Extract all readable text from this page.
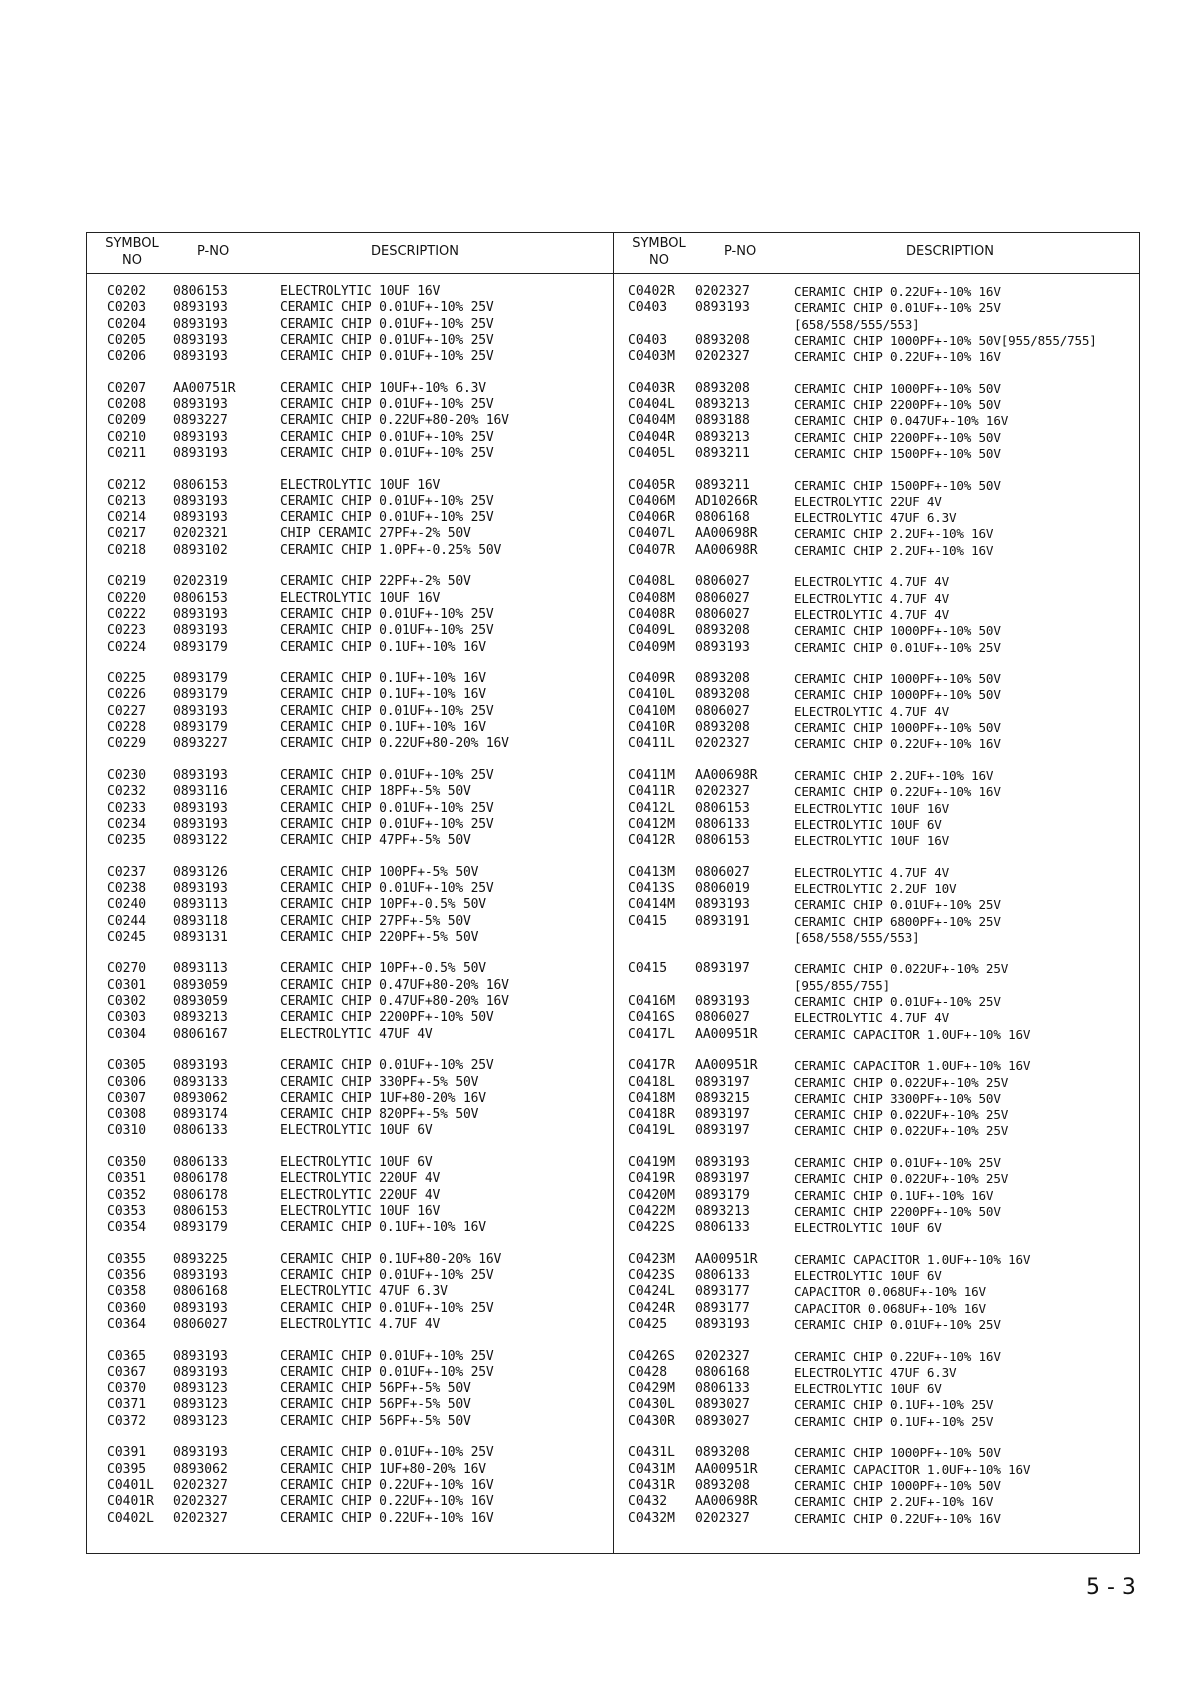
SYMBOL NO
P-NO	DESCRIPTION
C0202 0806153	ELECTROLYTIC 10UF 16V
C0203 0893193	CERAMIC CHIP 0.01UF+-10% 25V
C0204 0893193	CERAMIC CHIP 0.01UF+-10% 25V
C0205 0893193	CERAMIC CHIP 0.01UF+-10% 25V
C0206 0893193	CERAMIC CHIP 0.01UF+-10% 25V
C0207 AA00751R	CERAMIC CHIP 10UF+-10% 6.3V
C0208 0893193	CERAMIC CHIP 0.01UF+-10% 25V
C0209 0893227	CERAMIC CHIP 0.22UF+80-20% 16V
C0210 0893193	CERAMIC CHIP 0.01UF+-10% 25V
C0211 0893193	CERAMIC CHIP 0.01UF+-10% 25V
C0212 0806153	ELECTROLYTIC 10UF 16V
C0213 0893193	CERAMIC CHIP 0.01UF+-10% 25V
C0214 0893193	CERAMIC CHIP 0.01UF+-10% 25V
C0217 0202321	CHIP CERAMIC 27PF+-2% 50V
C0218 0893102	CERAMIC CHIP 1.0PF+-0.25% 50V
C0219 0202319	CERAMIC CHIP 22PF+-2% 50V
C0220 0806153	ELECTROLYTIC 10UF 16V
C0222 0893193	CERAMIC CHIP 0.01UF+-10% 25V
C0223 0893193	CERAMIC CHIP 0.01UF+-10% 25V
C0224 0893179	CERAMIC CHIP 0.1UF+-10% 16V
C0225 0893179	CERAMIC CHIP 0.1UF+-10% 16V
C0226 0893179	CERAMIC CHIP 0.1UF+-10% 16V
C0227 0893193	CERAMIC CHIP 0.01UF+-10% 25V
C0228 0893179	CERAMIC CHIP 0.1UF+-10% 16V
C0229 0893227	CERAMIC CHIP 0.22UF+80-20% 16V
C0230 0893193	CERAMIC CHIP 0.01UF+-10% 25V
C0232 0893116	CERAMIC CHIP 18PF+-5% 50V
C0233 0893193	CERAMIC CHIP 0.01UF+-10% 25V
C0234 0893193	CERAMIC CHIP 0.01UF+-10% 25V
C0235 0893122	CERAMIC CHIP 47PF+-5% 50V
C0237 0893126	CERAMIC CHIP 100PF+-5% 50V
C0238 0893193	CERAMIC CHIP 0.01UF+-10% 25V
C0240 0893113	CERAMIC CHIP 10PF+-0.5% 50V
C0244 0893118	CERAMIC CHIP 27PF+-5% 50V
C0245 0893131	CERAMIC CHIP 220PF+-5% 50V
C0270 0893113	CERAMIC CHIP 10PF+-0.5% 50V
C0301 0893059	CERAMIC CHIP 0.47UF+80-20% 16V
C0302 0893059	CERAMIC CHIP 0.47UF+80-20% 16V
C0303 0893213	CERAMIC CHIP 2200PF+-10% 50V
C0304 0806167	ELECTROLYTIC 47UF 4V
C0305 0893193	CERAMIC CHIP 0.01UF+-10% 25V
C0306 0893133	CERAMIC CHIP 330PF+-5% 50V
C0307 0893062	CERAMIC CHIP 1UF+80-20% 16V
C0308 0893174	CERAMIC CHIP 820PF+-5% 50V
C0310 0806133	ELECTROLYTIC 10UF 6V
C0350 0806133	ELECTROLYTIC 10UF 6V
C0351 0806178	ELECTROLYTIC 220UF 4V
C0352 0806178	ELECTROLYTIC 220UF 4V
C0353 0806153	ELECTROLYTIC 10UF 16V
C0354 0893179	CERAMIC CHIP 0.1UF+-10% 16V
C0355 0893225	CERAMIC CHIP 0.1UF+80-20% 16V
C0356 0893193	CERAMIC CHIP 0.01UF+-10% 25V
C0358 0806168	ELECTROLYTIC 47UF 6.3V
C0360 0893193	CERAMIC CHIP 0.01UF+-10% 25V
C0364 0806027	ELECTROLYTIC 4.7UF 4V
C0365 0893193	CERAMIC CHIP 0.01UF+-10% 25V
C0367 0893193	CERAMIC CHIP 0.01UF+-10% 25V
C0370 0893123	CERAMIC CHIP 56PF+-5% 50V
C0371 0893123	CERAMIC CHIP 56PF+-5% 50V
C0372 0893123	CERAMIC CHIP 56PF+-5% 50V
C0391 0893193	CERAMIC CHIP 0.01UF+-10% 25V
C0395 0893062	CERAMIC CHIP 1UF+80-20% 16V
C0401L 0202327	CERAMIC CHIP 0.22UF+-10% 16V
C0401R 0202327	CERAMIC CHIP 0.22UF+-10% 16V
C0402L 0202327	CERAMIC CHIP 0.22UF+-10% 16V
SYMBOL NO
P-NO	DESCRIPTION
C0402R 0202327	CERAMIC CHIP 0.22UF+-10% 16V
C0403 0893193	CERAMIC CHIP 0.01UF+-10% 25V
[658/558/555/553]
C0403 0893208	CERAMIC CHIP 1000PF+-10% 50V[955/855/755]
C0403M 0202327	CERAMIC CHIP 0.22UF+-10% 16V
C0403R 0893208	CERAMIC CHIP 1000PF+-10% 50V
C0404L 0893213	CERAMIC CHIP 2200PF+-10% 50V
C0404M 0893188	CERAMIC CHIP 0.047UF+-10% 16V
C0404R 0893213	CERAMIC CHIP 2200PF+-10% 50V
C0405L 0893211	CERAMIC CHIP 1500PF+-10% 50V
C0405R 0893211	CERAMIC CHIP 1500PF+-10% 50V
C0406M AD10266R	ELECTROLYTIC 22UF 4V
C0406R 0806168	ELECTROLYTIC 47UF 6.3V
C0407L AA00698R	CERAMIC CHIP 2.2UF+-10% 16V
C0407R AA00698R	CERAMIC CHIP 2.2UF+-10% 16V
C0408L 0806027	ELECTROLYTIC 4.7UF 4V
C0408M 0806027	ELECTROLYTIC 4.7UF 4V
C0408R 0806027	ELECTROLYTIC 4.7UF 4V
C0409L 0893208	CERAMIC CHIP 1000PF+-10% 50V
C0409M 0893193	CERAMIC CHIP 0.01UF+-10% 25V
C0409R 0893208	CERAMIC CHIP 1000PF+-10% 50V
C0410L 0893208	CERAMIC CHIP 1000PF+-10% 50V
C0410M 0806027	ELECTROLYTIC 4.7UF 4V
C0410R 0893208	CERAMIC CHIP 1000PF+-10% 50V
C0411L 0202327	CERAMIC CHIP 0.22UF+-10% 16V
C0411M AA00698R	CERAMIC CHIP 2.2UF+-10% 16V
C0411R 0202327	CERAMIC CHIP 0.22UF+-10% 16V
C0412L 0806153	ELECTROLYTIC 10UF 16V
C0412M 0806133	ELECTROLYTIC 10UF 6V
C0412R 0806153	ELECTROLYTIC 10UF 16V
C0413M 0806027	ELECTROLYTIC 4.7UF 4V
C0413S 0806019	ELECTROLYTIC 2.2UF 10V
C0414M 0893193	CERAMIC CHIP 0.01UF+-10% 25V
C0415 0893191	CERAMIC CHIP 6800PF+-10% 25V
[658/558/555/553]
C0415 0893197	CERAMIC CHIP 0.022UF+-10% 25V
[955/855/755]
C0416M 0893193	CERAMIC CHIP 0.01UF+-10% 25V
C0416S 0806027	ELECTROLYTIC 4.7UF 4V
C0417L AA00951R	CERAMIC CAPACITOR 1.0UF+-10% 16V
C0417R AA00951R	CERAMIC CAPACITOR 1.0UF+-10% 16V
C0418L 0893197	CERAMIC CHIP 0.022UF+-10% 25V
C0418M 0893215	CERAMIC CHIP 3300PF+-10% 50V
C0418R 0893197	CERAMIC CHIP 0.022UF+-10% 25V
C0419L 0893197	CERAMIC CHIP 0.022UF+-10% 25V
C0419M 0893193	CERAMIC CHIP 0.01UF+-10% 25V
C0419R 0893197	CERAMIC CHIP 0.022UF+-10% 25V
C0420M 0893179	CERAMIC CHIP 0.1UF+-10% 16V
C0422M 0893213	CERAMIC CHIP 2200PF+-10% 50V
C0422S 0806133	ELECTROLYTIC 10UF 6V
C0423M AA00951R	CERAMIC CAPACITOR 1.0UF+-10% 16V
C0423S 0806133	ELECTROLYTIC 10UF 6V
C0424L 0893177	CAPACITOR 0.068UF+-10% 16V
C0424R 0893177	CAPACITOR 0.068UF+-10% 16V
C0425 0893193	CERAMIC CHIP 0.01UF+-10% 25V
C0426S 0202327	CERAMIC CHIP 0.22UF+-10% 16V
C0428 0806168	ELECTROLYTIC 47UF 6.3V
C0429M 0806133	ELECTROLYTIC 10UF 6V
C0430L 0893027	CERAMIC CHIP 0.1UF+-10% 25V
C0430R 0893027	CERAMIC CHIP 0.1UF+-10% 25V
C0431L 0893208	CERAMIC CHIP 1000PF+-10% 50V
C0431M AA00951R	CERAMIC CAPACITOR 1.0UF+-10% 16V
C0431R 0893208	CERAMIC CHIP 1000PF+-10% 50V
C0432 AA00698R	CERAMIC CHIP 2.2UF+-10% 16V
C0432M 0202327	CERAMIC CHIP 0.22UF+-10% 16V
5 - 3
